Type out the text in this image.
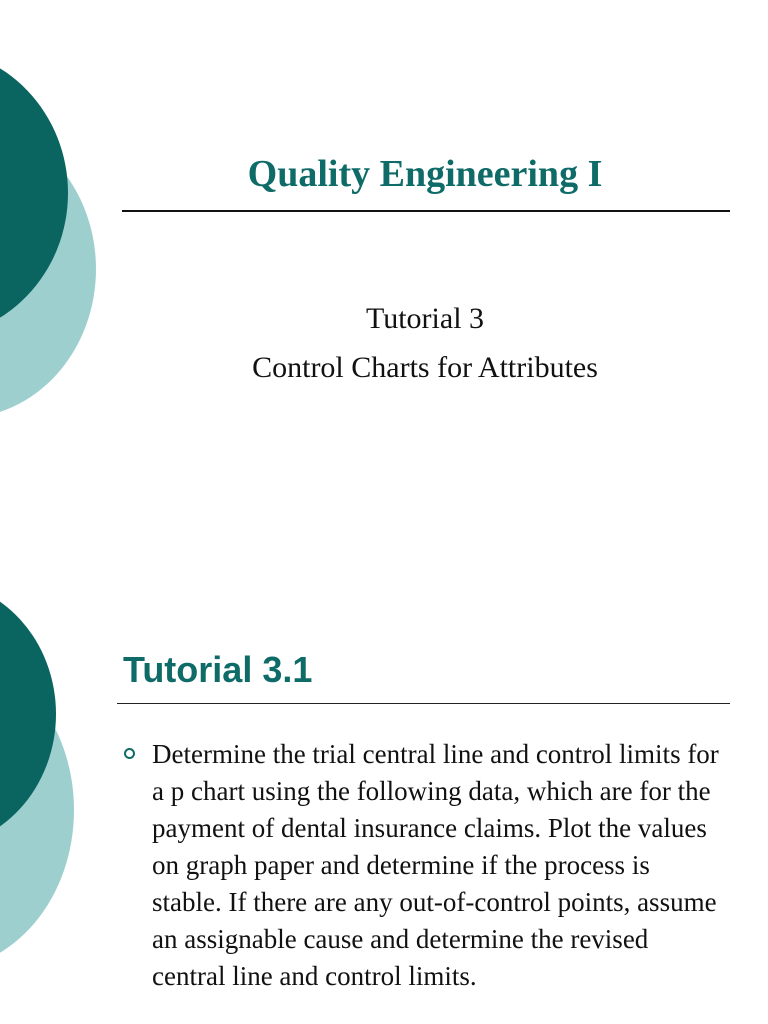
Quality Engineering I
Tutorial 3
Control Charts for Attributes
Tutorial 3.1
Determine the trial central line and control limits for a p chart using the following data, which are for the payment of dental insurance claims. Plot the values on graph paper and determine if the process is stable. If there are any out-of-control points, assume an assignable cause and determine the revised central line and control limits.
